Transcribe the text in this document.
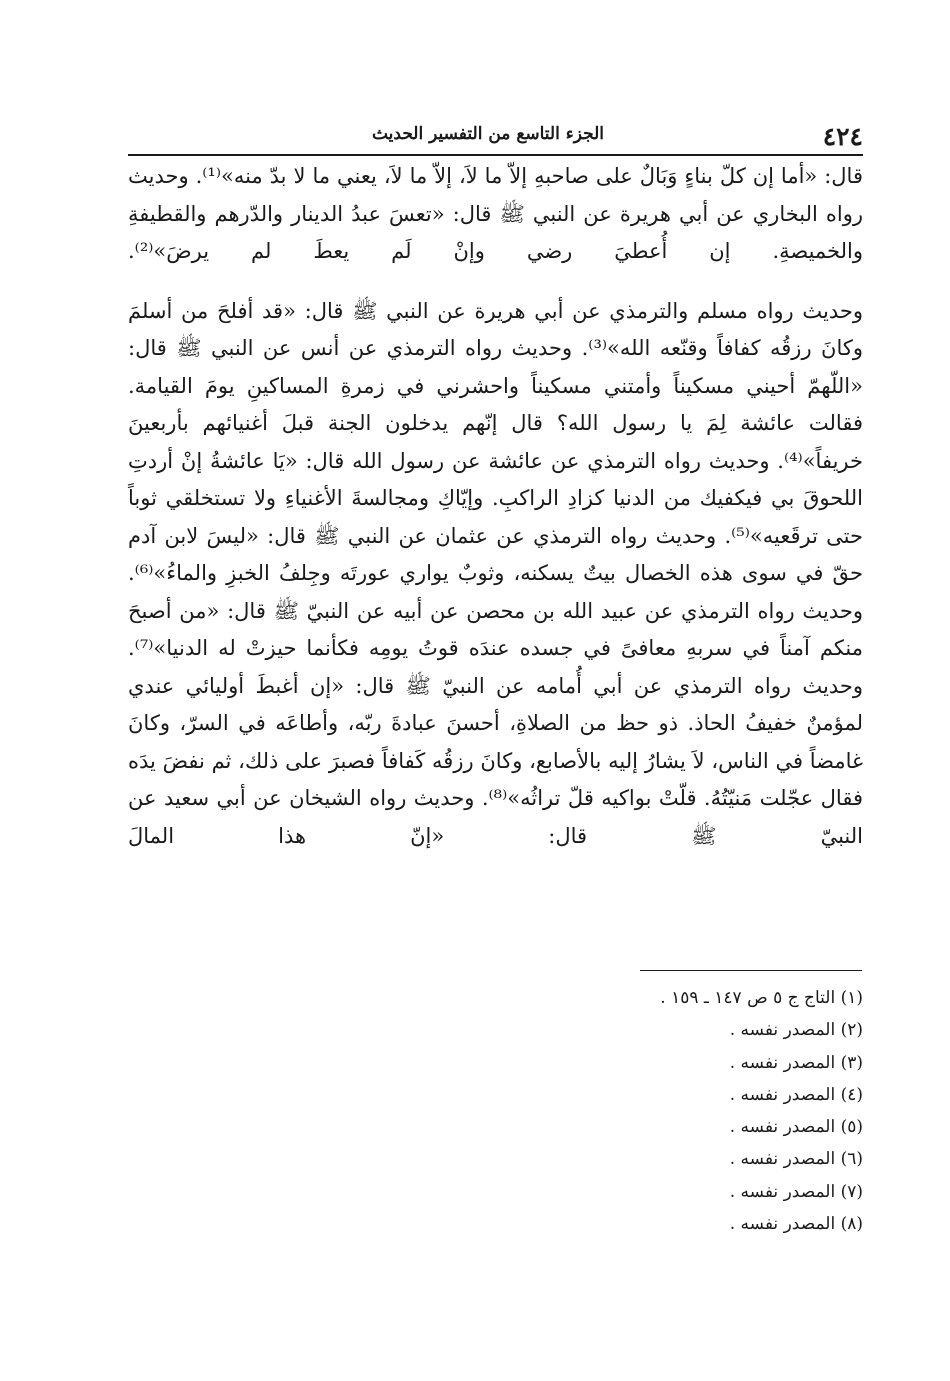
٤٢٤
الجزء التاسع من التفسير الحديث

قال: «أما إن كلّ بناءٍ وَبَالٌ على صاحبهِ إلاّ ما لاَ، إلاّ ما لاَ، يعني ما لا بدّ منه»⁽¹⁾. وحديث رواه البخاري عن أبي هريرة عن النبي ﷺ قال: «تعسَ عبدُ الدينار والدّرهم والقطيفةِ والخميصةِ. إن أُعطيَ رضي وإنْ لَم يعطَ لم يرضَ»⁽²⁾.

وحديث رواه مسلم والترمذي عن أبي هريرة عن النبي ﷺ قال: «قد أفلحَ من أسلمَ وكانَ رزقُه كفافاً وقنّعه الله»⁽³⁾. وحديث رواه الترمذي عن أنس عن النبي ﷺ قال: «اللّهمّ أحيني مسكيناً وأمتني مسكيناً واحشرني في زمرةِ المساكينِ يومَ القيامة. فقالت عائشة لِمَ يا رسول الله؟ قال إنّهم يدخلون الجنة قبلَ أغنيائهم بأربعينَ خريفاً»⁽⁴⁾. وحديث رواه الترمذي عن عائشة عن رسول الله قال: «يَا عائشةُ إنْ أردتِ اللحوقَ بي فيكفيك من الدنيا كزادِ الراكبِ. وإيّاكِ ومجالسةَ الأغنياءِ ولا تستخلقي ثوباً حتى ترقَعيه»⁽⁵⁾. وحديث رواه الترمذي عن عثمان عن النبي ﷺ قال: «ليسَ لابن آدم حقّ في سوى هذه الخصال بيتٌ يسكنه، وثوبٌ يواري عورتَه وجِلفُ الخبزِ والماءُ»⁽⁶⁾. وحديث رواه الترمذي عن عبيد الله بن محصن عن أبيه عن النبيّ ﷺ قال: «من أصبحَ منكم آمناً في سربهِ معافىً في جسده عندَه قوتُ يومِه فكأنما حيزتْ له الدنيا»⁽⁷⁾. وحديث رواه الترمذي عن أبي أُمامه عن النبيّ ﷺ قال: «إن أغبطَ أوليائي عندي لمؤمنٌ خفيفُ الحاذ. ذو حظ من الصلاةِ، أحسنَ عبادةَ ربّه، وأطاعَه في السرّ، وكانَ غامضاً في الناس، لاَ يشارُ إليه بالأصابع، وكانَ رزقُه كَفافاً فصبرَ على ذلك، ثم نفضَ يدَه فقال عجّلت مَنيّتُهُ. قلّتْ بواكيه قلّ تراثُه»⁽⁸⁾. وحديث رواه الشيخان عن أبي سعيد عن النبيّ ﷺ قال: «إنّ هذا المالَ

(١) التاج ج ٥ ص ١٤٧ ـ ١٥٩ .
(٢) المصدر نفسه .
(٣) المصدر نفسه .
(٤) المصدر نفسه .
(٥) المصدر نفسه .
(٦) المصدر نفسه .
(٧) المصدر نفسه .
(٨) المصدر نفسه .
